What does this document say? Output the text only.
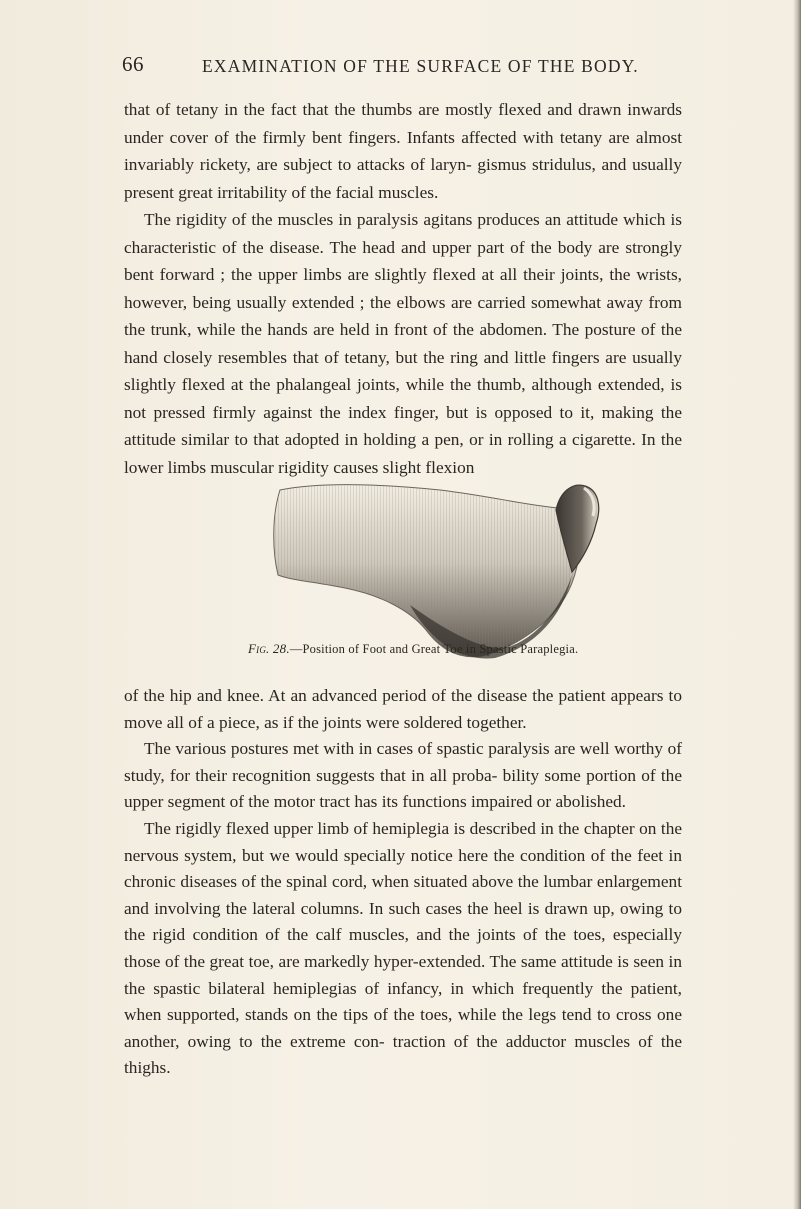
66	EXAMINATION OF THE SURFACE OF THE BODY.

that of tetany in the fact that the thumbs are mostly flexed and drawn inwards under cover of the firmly bent fingers. Infants affected with tetany are almost invariably rickety, are subject to attacks of laryn- gismus stridulus, and usually present great irritability of the facial muscles.

The rigidity of the muscles in paralysis agitans produces an attitude which is characteristic of the disease. The head and upper part of the body are strongly bent forward ; the upper limbs are slightly flexed at all their joints, the wrists, however, being usually extended ; the elbows are carried somewhat away from the trunk, while the hands are held in front of the abdomen. The posture of the hand closely resembles that of tetany, but the ring and little fingers are usually slightly flexed at the phalangeal joints, while the thumb, although extended, is not pressed firmly against the index finger, but is opposed to it, making the attitude similar to that adopted in holding a pen, or in rolling a cigarette. In the lower limbs muscular rigidity causes slight flexion

Fig. 28.—Position of Foot and Great Toe in Spastic Paraplegia.

of the hip and knee. At an advanced period of the disease the patient appears to move all of a piece, as if the joints were soldered together.

The various postures met with in cases of spastic paralysis are well worthy of study, for their recognition suggests that in all proba- bility some portion of the upper segment of the motor tract has its functions impaired or abolished.

The rigidly flexed upper limb of hemiplegia is described in the chapter on the nervous system, but we would specially notice here the condition of the feet in chronic diseases of the spinal cord, when situated above the lumbar enlargement and involving the lateral columns. In such cases the heel is drawn up, owing to the rigid condition of the calf muscles, and the joints of the toes, especially those of the great toe, are markedly hyper-extended. The same attitude is seen in the spastic bilateral hemiplegias of infancy, in which frequently the patient, when supported, stands on the tips of the toes, while the legs tend to cross one another, owing to the extreme con- traction of the adductor muscles of the thighs.
